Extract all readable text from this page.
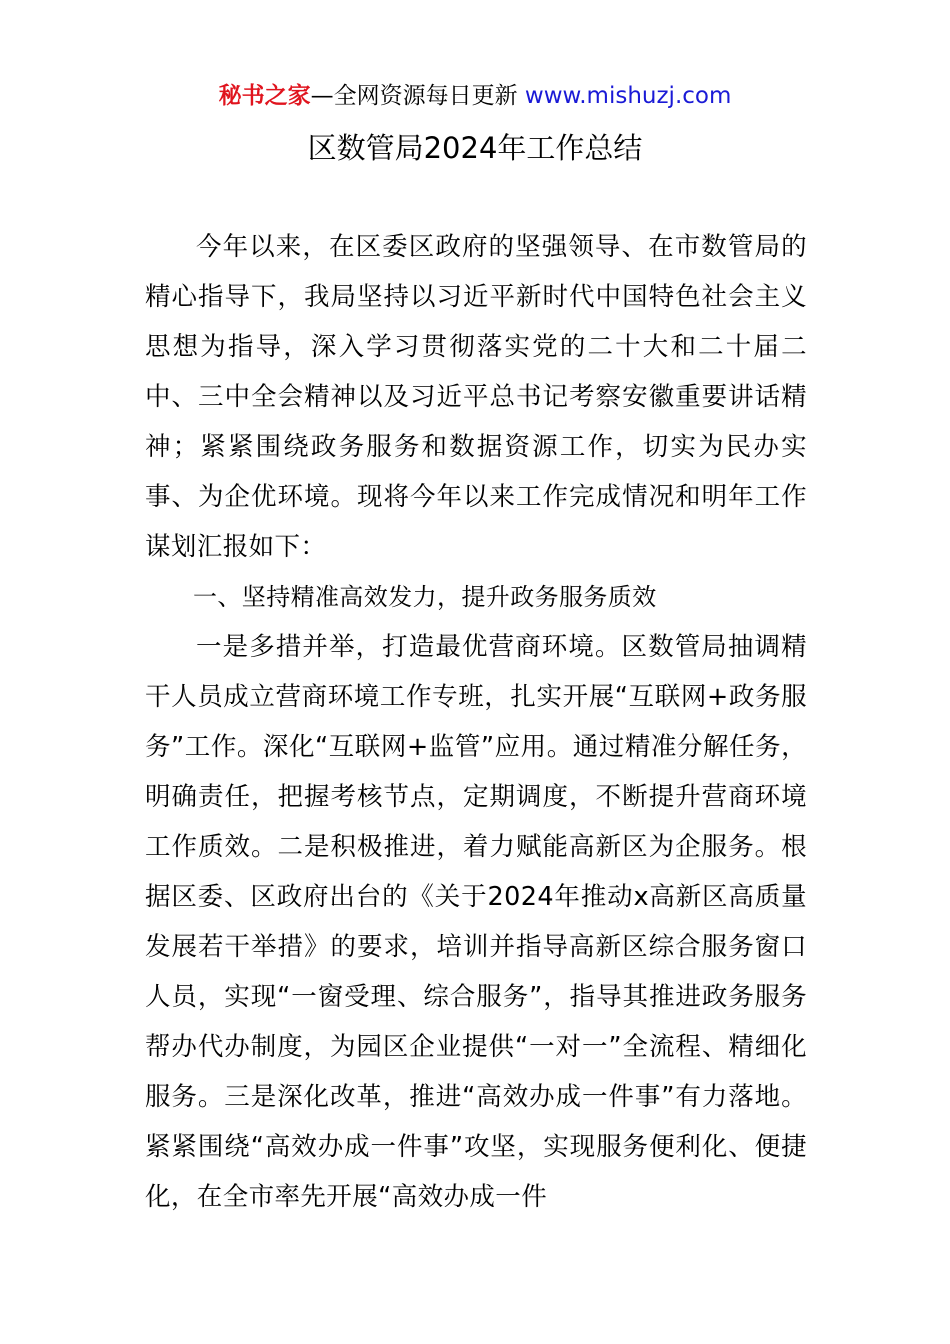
秘书之家—全网资源每日更新 www.mishuzj.com
区数管局2024年工作总结

今年以来，在区委区政府的坚强领导、在市数管局的精心指导下，我局坚持以习近平新时代中国特色社会主义思想为指导，深入学习贯彻落实党的二十大和二十届二中、三中全会精神以及习近平总书记考察安徽重要讲话精神；紧紧围绕政务服务和数据资源工作，切实为民办实事、为企优环境。现将今年以来工作完成情况和明年工作谋划汇报如下：

一、坚持精准高效发力，提升政务服务质效

一是多措并举，打造最优营商环境。区数管局抽调精干人员成立营商环境工作专班，扎实开展“互联网+政务服务”工作。深化“互联网+监管”应用。通过精准分解任务，明确责任，把握考核节点，定期调度，不断提升营商环境工作质效。二是积极推进，着力赋能高新区为企服务。根据区委、区政府出台的《关于2024年推动x高新区高质量发展若干举措》的要求，培训并指导高新区综合服务窗口人员，实现“一窗受理、综合服务”，指导其推进政务服务帮办代办制度，为园区企业提供“一对一”全流程、精细化服务。三是深化改革，推进“高效办成一件事”有力落地。紧紧围绕“高效办成一件事”攻坚，实现服务便利化、便捷化，在全市率先开展“高效办成一件
